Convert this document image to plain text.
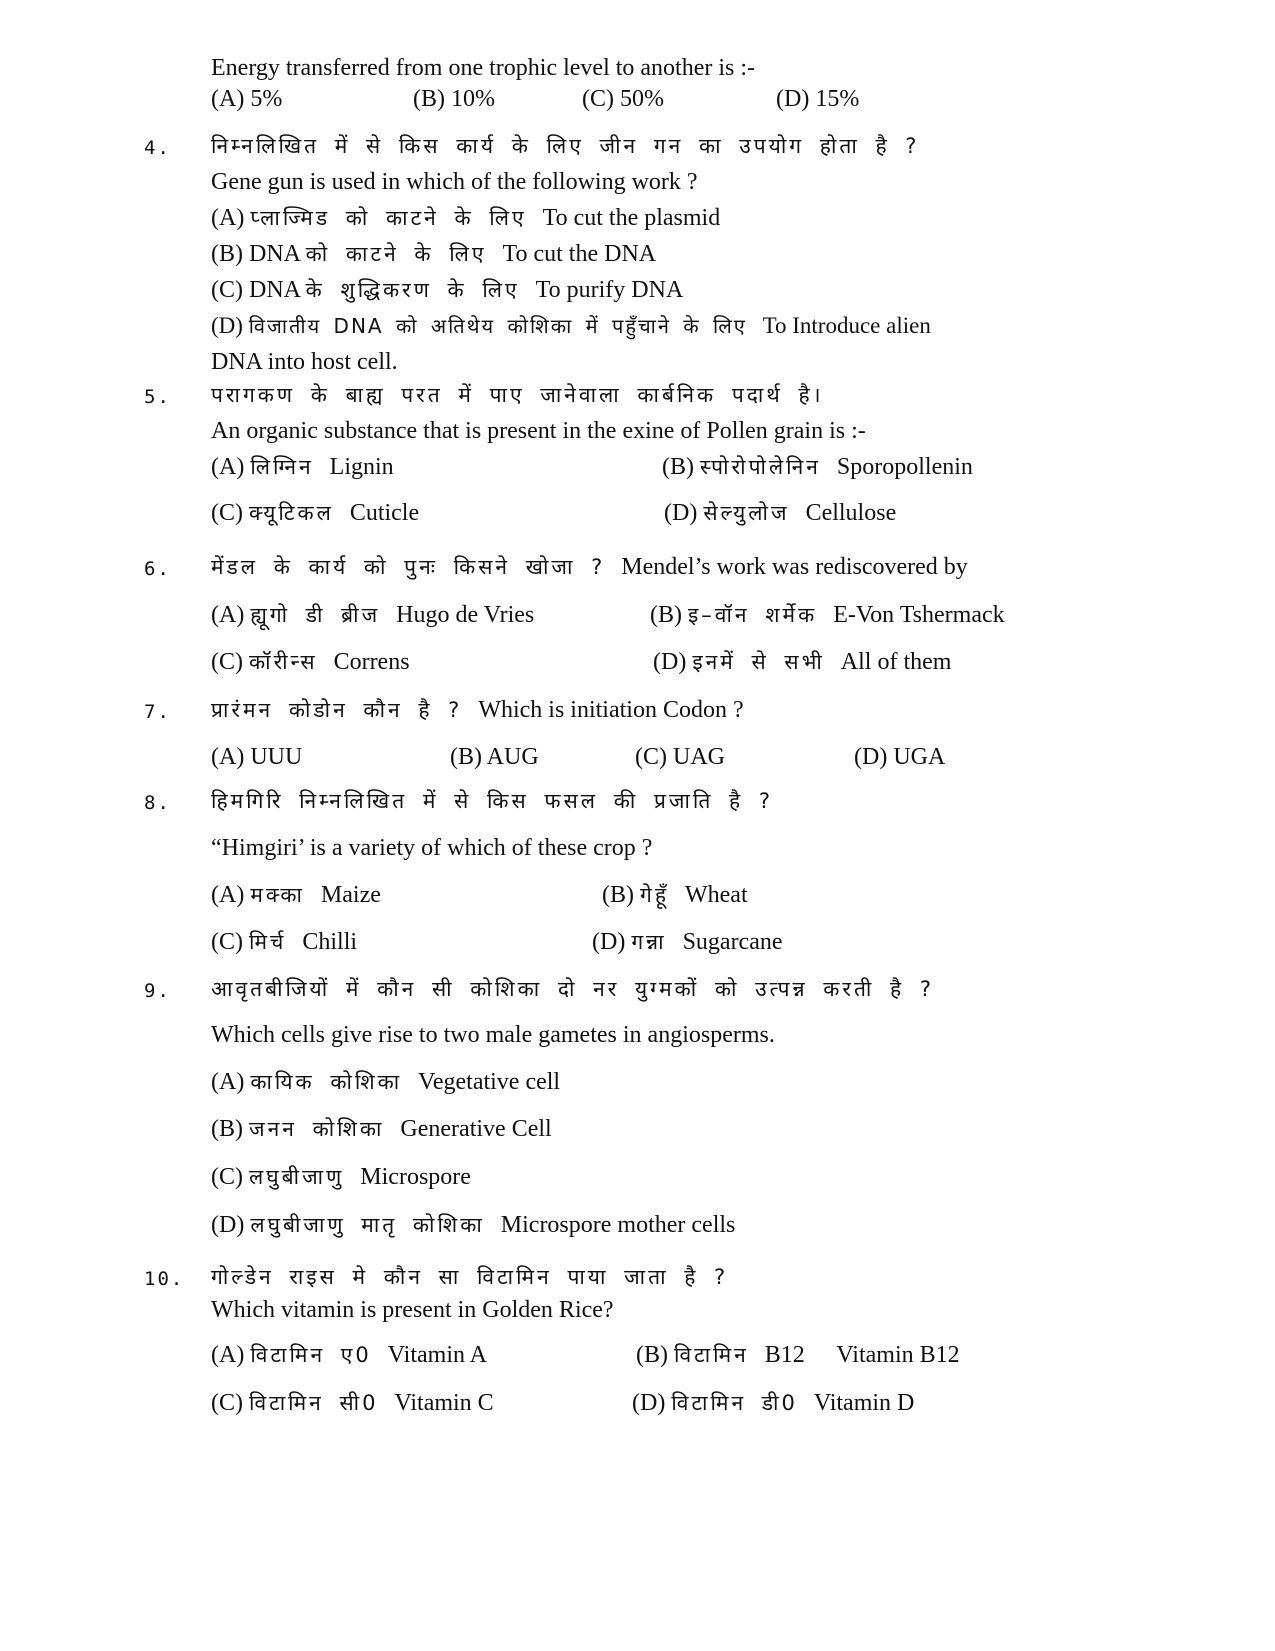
Energy transferred from one trophic level to another is :-
(A) 5%	(B) 10%	(C) 50%	(D) 15%
4. निम्नलिखित में से किस कार्य के लिए जीन गन का उपयोग होता है ?
Gene gun is used in which of the following work ?
(A) प्लाज्मिड को काटने के लिए To cut the plasmid
(B) DNA को काटने के लिए To cut the DNA
(C) DNA के शुद्धिकरण के लिए To purify DNA
(D) विजातीय DNA को अतिथेय कोशिका में पहुँचाने के लिए To Introduce alien
DNA into host cell.
5. परागकण के बाह्य परत में पाए जानेवाला कार्बनिक पदार्थ है।
An organic substance that is present in the exine of Pollen grain is :-
(A) लिग्निन Lignin	(B) स्पोरोपोलेनिन Sporopollenin
(C) क्यूटिकल Cuticle	(D) सेल्युलोज Cellulose
6. मेंडल के कार्य को पुनः किसने खोजा ? Mendel’s work was rediscovered by
(A) ह्यूगो डी ब्रीज Hugo de Vries	(B) इ–वॉन शर्मेक E-Von Tshermack
(C) कॉरीन्स Correns	(D) इनमें से सभी All of them
7. प्रारंमन कोडोन कौन है ? Which is initiation Codon ?
(A) UUU	(B) AUG	(C) UAG	(D) UGA
8. हिमगिरि निम्नलिखित में से किस फसल की प्रजाति है ?
“Himgiri’ is a variety of which of these crop ?
(A) मक्का Maize	(B) गेहूँ Wheat
(C) मिर्च Chilli	(D) गन्ना Sugarcane
9. आवृतबीजियों में कौन सी कोशिका दो नर युग्मकों को उत्पन्न करती है ?
Which cells give rise to two male gametes in angiosperms.
(A) कायिक कोशिका Vegetative cell
(B) जनन कोशिका Generative Cell
(C) लघुबीजाणु Microspore
(D) लघुबीजाणु मातृ कोशिका Microspore mother cells
10. गोल्डेन राइस मे कौन सा विटामिन पाया जाता है ?
Which vitamin is present in Golden Rice?
(A) विटामिन ए0 Vitamin A	(B) विटामिन B12 Vitamin B12
(C) विटामिन सी0 Vitamin C	(D) विटामिन डी0 Vitamin D
